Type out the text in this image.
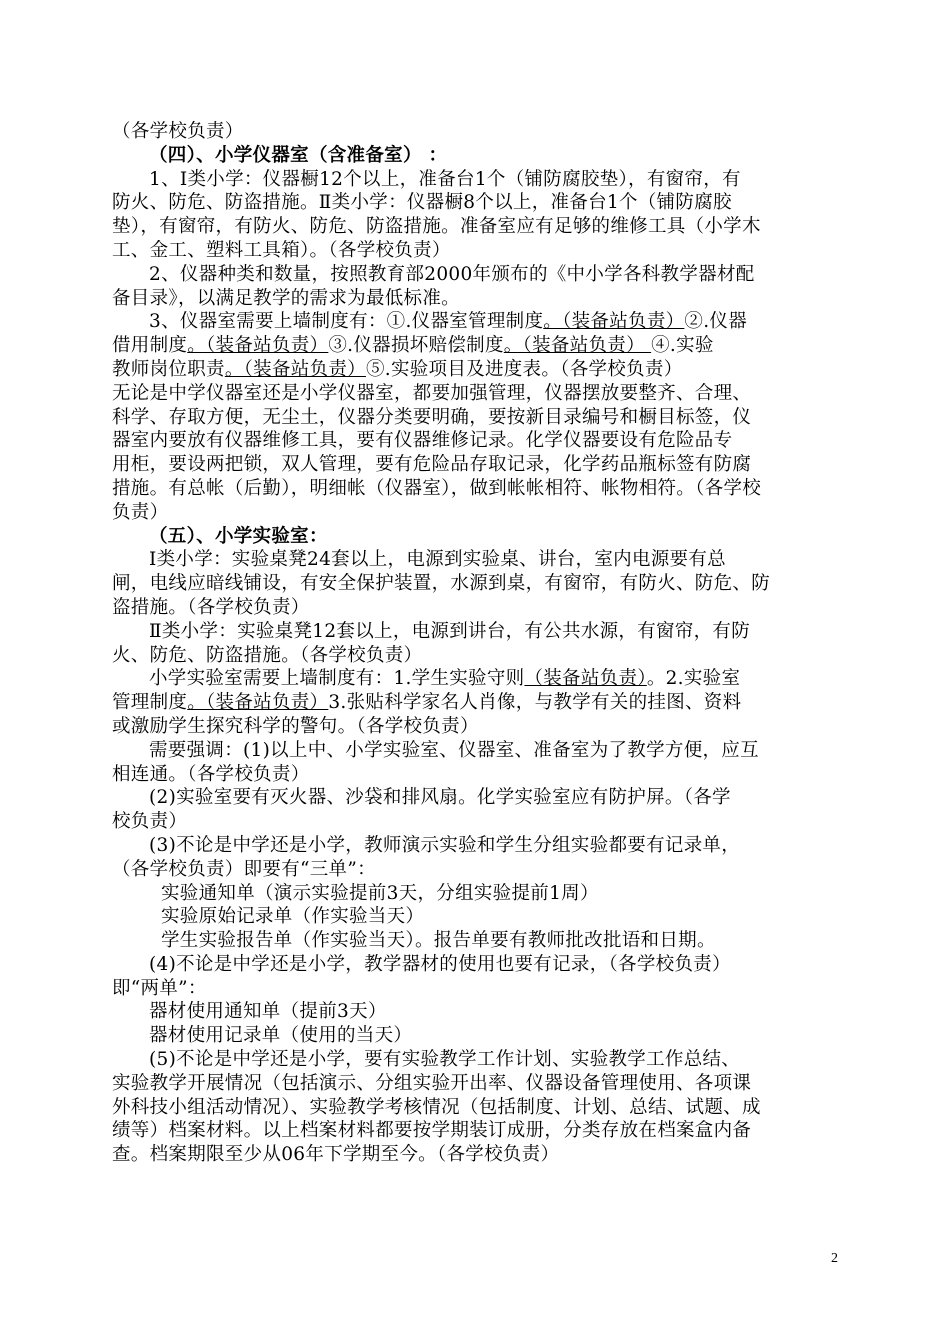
（各学校负责）
（四）、小学仪器室（含准备室） ：
1、Ⅰ类小学：仪器橱12个以上，准备台1个（铺防腐胶垫），有窗帘，有
防火、防危、防盗措施。Ⅱ类小学：仪器橱8个以上，准备台1个（铺防腐胶
垫），有窗帘，有防火、防危、防盗措施。准备室应有足够的维修工具（小学木
工、金工、塑料工具箱）。（各学校负责）
2、仪器种类和数量，按照教育部2000年颁布的《中小学各科教学器材配
备目录》，以满足教学的需求为最低标准。
3、仪器室需要上墙制度有：①.仪器室管理制度。（装备站负责）②.仪器
借用制度。（装备站负责）③.仪器损坏赔偿制度。（装备站负责） ④.实验
教师岗位职责。（装备站负责）⑤.实验项目及进度表。（各学校负责）
无论是中学仪器室还是小学仪器室，都要加强管理，仪器摆放要整齐、合理、
科学、存取方便，无尘土，仪器分类要明确，要按新目录编号和橱目标签，仪
器室内要放有仪器维修工具，要有仪器维修记录。化学仪器要设有危险品专
用柜，要设两把锁，双人管理，要有危险品存取记录，化学药品瓶标签有防腐
措施。有总帐（后勤），明细帐（仪器室），做到帐帐相符、帐物相符。（各学校
负责）
（五）、小学实验室：
Ⅰ类小学：实验桌凳24套以上，电源到实验桌、讲台，室内电源要有总
闸，电线应暗线铺设，有安全保护装置，水源到桌，有窗帘，有防火、防危、防
盗措施。（各学校负责）
Ⅱ类小学：实验桌凳12套以上，电源到讲台，有公共水源，有窗帘，有防
火、防危、防盗措施。（各学校负责）
小学实验室需要上墙制度有：1.学生实验守则（装备站负责）。2.实验室
管理制度。（装备站负责）3.张贴科学家名人肖像，与教学有关的挂图、资料
或激励学生探究科学的警句。（各学校负责）
需要强调：(1)以上中、小学实验室、仪器室、准备室为了教学方便，应互
相连通。（各学校负责）
(2)实验室要有灭火器、沙袋和排风扇。化学实验室应有防护屏。（各学
校负责）
(3)不论是中学还是小学，教师演示实验和学生分组实验都要有记录单，
（各学校负责）即要有“三单”：
实验通知单（演示实验提前3天，分组实验提前1周）
实验原始记录单（作实验当天）
学生实验报告单（作实验当天）。报告单要有教师批改批语和日期。
(4)不论是中学还是小学，教学器材的使用也要有记录，（各学校负责）
即“两单”：
器材使用通知单（提前3天）
器材使用记录单（使用的当天）
(5)不论是中学还是小学，要有实验教学工作计划、实验教学工作总结、
实验教学开展情况（包括演示、分组实验开出率、仪器设备管理使用、各项课
外科技小组活动情况）、实验教学考核情况（包括制度、计划、总结、试题、成
绩等）档案材料。以上档案材料都要按学期装订成册，分类存放在档案盒内备
查。档案期限至少从06年下学期至今。（各学校负责）
2
